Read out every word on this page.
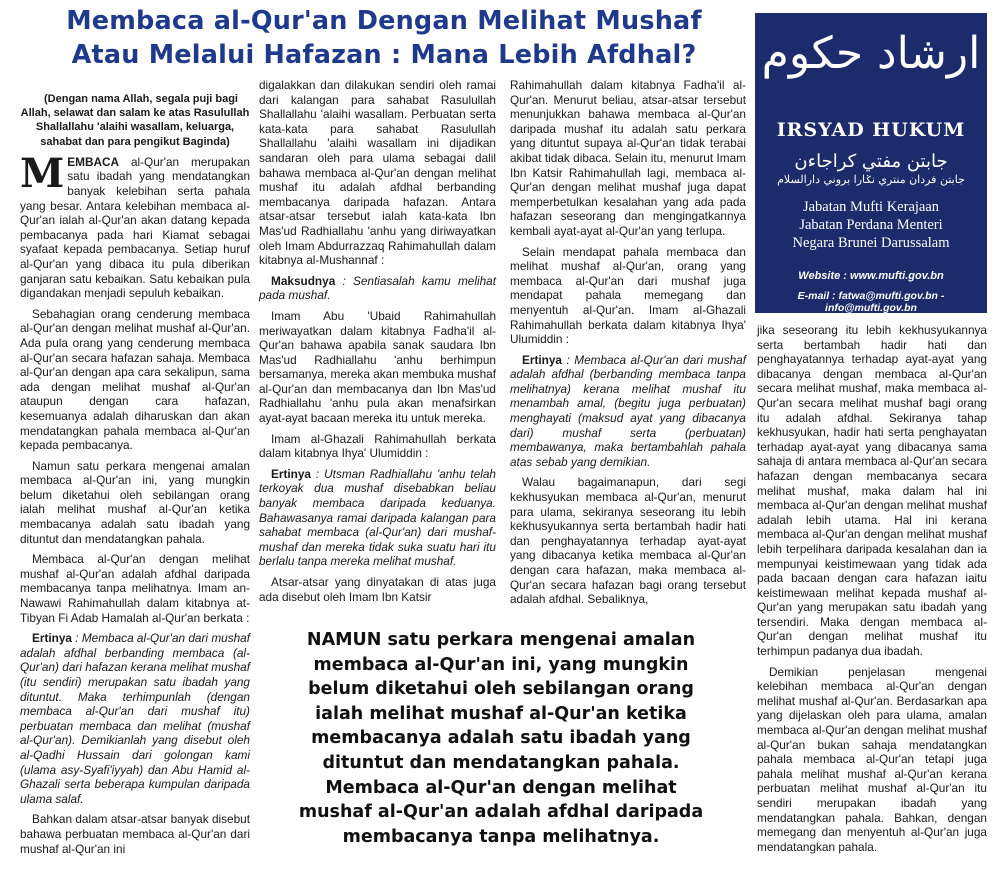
Membaca al-Qur'an Dengan Melihat Mushaf
Atau Melalui Hafazan : Mana Lebih Afdhal?	ارشاد حكوم
IRSYAD HUKUM
جابتن مفتي كراجاءن
جابتن فردان منتري نݢارا بروني دارالسلام
Jabatan Mufti Kerajaan
Jabatan Perdana Menteri
Negara Brunei Darussalam
Website : www.mufti.gov.bn
E-mail : fatwa@mufti.gov.bn - info@mufti.gov.bn

(Dengan nama Allah, segala puji bagi Allah, selawat dan salam ke atas Rasulullah Shallallahu 'alaihi wasallam, keluarga, sahabat dan para pengikut Baginda)

MEMBACA al-Qur'an merupakan satu ibadah yang mendatangkan banyak kelebihan serta pahala yang besar. Antara kelebihan membaca al-Qur'an ialah al-Qur'an akan datang kepada pembacanya pada hari Kiamat sebagai syafaat kepada pembacanya. Setiap huruf al-Qur'an yang dibaca itu pula diberikan ganjaran satu kebaikan. Satu kebaikan pula digandakan menjadi sepuluh kebaikan.

Sebahagian orang cenderung membaca al-Qur'an dengan melihat mushaf al-Qur'an. Ada pula orang yang cenderung membaca al-Qur'an secara hafazan sahaja. Membaca al-Qur'an dengan apa cara sekalipun, sama ada dengan melihat mushaf al-Qur'an ataupun dengan cara hafazan, kesemuanya adalah diharuskan dan akan mendatangkan pahala membaca al-Qur'an kepada pembacanya.

Namun satu perkara mengenai amalan membaca al-Qur'an ini, yang mungkin belum diketahui oleh sebilangan orang ialah melihat mushaf al-Qur'an ketika membacanya adalah satu ibadah yang dituntut dan mendatangkan pahala.

Membaca al-Qur'an dengan melihat mushaf al-Qur'an adalah afdhal daripada membacanya tanpa melihatnya. Imam an-Nawawi Rahimahullah dalam kitabnya at-Tibyan Fi Adab Hamalah al-Qur'an berkata :

Ertinya : Membaca al-Qur'an dari mushaf adalah afdhal berbanding membaca (al-Qur'an) dari hafazan kerana melihat mushaf (itu sendiri) merupakan satu ibadah yang dituntut. Maka terhimpunlah (dengan membaca al-Qur'an dari mushaf itu) perbuatan membaca dan melihat (mushaf al-Qur'an). Demikianlah yang disebut oleh al-Qadhi Hussain dari golongan kami (ulama asy-Syafi'iyyah) dan Abu Hamid al-Ghazali serta beberapa kumpulan daripada ulama salaf.

Bahkan dalam atsar-atsar banyak disebut bahawa perbuatan membaca al-Qur'an dari mushaf al-Qur'an ini

digalakkan dan dilakukan sendiri oleh ramai dari kalangan para sahabat Rasulullah Shallallahu 'alaihi wasallam. Perbuatan serta kata-kata para sahabat Rasulullah Shallallahu 'alaihi wasallam ini dijadikan sandaran oleh para ulama sebagai dalil bahawa membaca al-Qur'an dengan melihat mushaf itu adalah afdhal berbanding membacanya daripada hafazan. Antara atsar-atsar tersebut ialah kata-kata Ibn Mas'ud Radhiallahu 'anhu yang diriwayatkan oleh Imam Abdurrazzaq Rahimahullah dalam kitabnya al-Mushannaf :

Maksudnya : Sentiasalah kamu melihat pada mushaf.

Imam Abu 'Ubaid Rahimahullah meriwayatkan dalam kitabnya Fadha'il al-Qur'an bahawa apabila sanak saudara Ibn Mas'ud Radhiallahu 'anhu berhimpun bersamanya, mereka akan membuka mushaf al-Qur'an dan membacanya dan Ibn Mas'ud Radhiallahu 'anhu pula akan menafsirkan ayat-ayat bacaan mereka itu untuk mereka.

Imam al-Ghazali Rahimahullah berkata dalam kitabnya Ihya' Ulumiddin :

Ertinya : Utsman Radhiallahu 'anhu telah terkoyak dua mushaf disebabkan beliau banyak membaca daripada keduanya. Bahawasanya ramai daripada kalangan para sahabat membaca (al-Qur'an) dari mushaf-mushaf dan mereka tidak suka suatu hari itu berlalu tanpa mereka melihat mushaf.

Atsar-atsar yang dinyatakan di atas juga ada disebut oleh Imam Ibn Katsir

Rahimahullah dalam kitabnya Fadha'il al-Qur'an. Menurut beliau, atsar-atsar tersebut menunjukkan bahawa membaca al-Qur'an daripada mushaf itu adalah satu perkara yang dituntut supaya al-Qur'an tidak terabai akibat tidak dibaca. Selain itu, menurut Imam Ibn Katsir Rahimahullah lagi, membaca al-Qur'an dengan melihat mushaf juga dapat memperbetulkan kesalahan yang ada pada hafazan seseorang dan mengingatkannya kembali ayat-ayat al-Qur'an yang terlupa.

Selain mendapat pahala membaca dan melihat mushaf al-Qur'an, orang yang membaca al-Qur'an dari mushaf juga mendapat pahala memegang dan menyentuh al-Qur'an. Imam al-Ghazali Rahimahullah berkata dalam kitabnya Ihya' Ulumiddin :

Ertinya : Membaca al-Qur'an dari mushaf adalah afdhal (berbanding membaca tanpa melihatnya) kerana melihat mushaf itu menambah amal, (begitu juga perbuatan) menghayati (maksud ayat yang dibacanya dari) mushaf serta (perbuatan) membawanya, maka bertambahlah pahala atas sebab yang demikian.

Walau bagaimanapun, dari segi kekhusyukan membaca al-Qur'an, menurut para ulama, sekiranya seseorang itu lebih kekhusyukannya serta bertambah hadir hati dan penghayatannya terhadap ayat-ayat yang dibacanya ketika membaca al-Qur'an dengan cara hafazan, maka membaca al-Qur'an secara hafazan bagi orang tersebut adalah afdhal. Sebaliknya,

jika seseorang itu lebih kekhusyukannya serta bertambah hadir hati dan penghayatannya terhadap ayat-ayat yang dibacanya dengan membaca al-Qur'an secara melihat mushaf, maka membaca al-Qur'an secara melihat mushaf bagi orang itu adalah afdhal. Sekiranya tahap kekhusyukan, hadir hati serta penghayatan terhadap ayat-ayat yang dibacanya sama sahaja di antara membaca al-Qur'an secara hafazan dengan membacanya secara melihat mushaf, maka dalam hal ini membaca al-Qur'an dengan melihat mushaf adalah lebih utama. Hal ini kerana membaca al-Qur'an dengan melihat mushaf lebih terpelihara daripada kesalahan dan ia mempunyai keistimewaan yang tidak ada pada bacaan dengan cara hafazan iaitu keistimewaan melihat kepada mushaf al-Qur'an yang merupakan satu ibadah yang tersendiri. Maka dengan membaca al-Qur'an dengan melihat mushaf itu terhimpun padanya dua ibadah.

Demikian penjelasan mengenai kelebihan membaca al-Qur'an dengan melihat mushaf al-Qur'an. Berdasarkan apa yang dijelaskan oleh para ulama, amalan membaca al-Qur'an dengan melihat mushaf al-Qur'an bukan sahaja mendatangkan pahala membaca al-Qur'an tetapi juga pahala melihat mushaf al-Qur'an kerana perbuatan melihat mushaf al-Qur'an itu sendiri merupakan ibadah yang mendatangkan pahala. Bahkan, dengan memegang dan menyentuh al-Qur'an juga mendatangkan pahala.

NAMUN satu perkara mengenai amalan
membaca al-Qur'an ini, yang mungkin
belum diketahui oleh sebilangan orang
ialah melihat mushaf al-Qur'an ketika
membacanya adalah satu ibadah yang
dituntut dan mendatangkan pahala.
Membaca al-Qur'an dengan melihat
mushaf al-Qur'an adalah afdhal daripada
membacanya tanpa melihatnya.
